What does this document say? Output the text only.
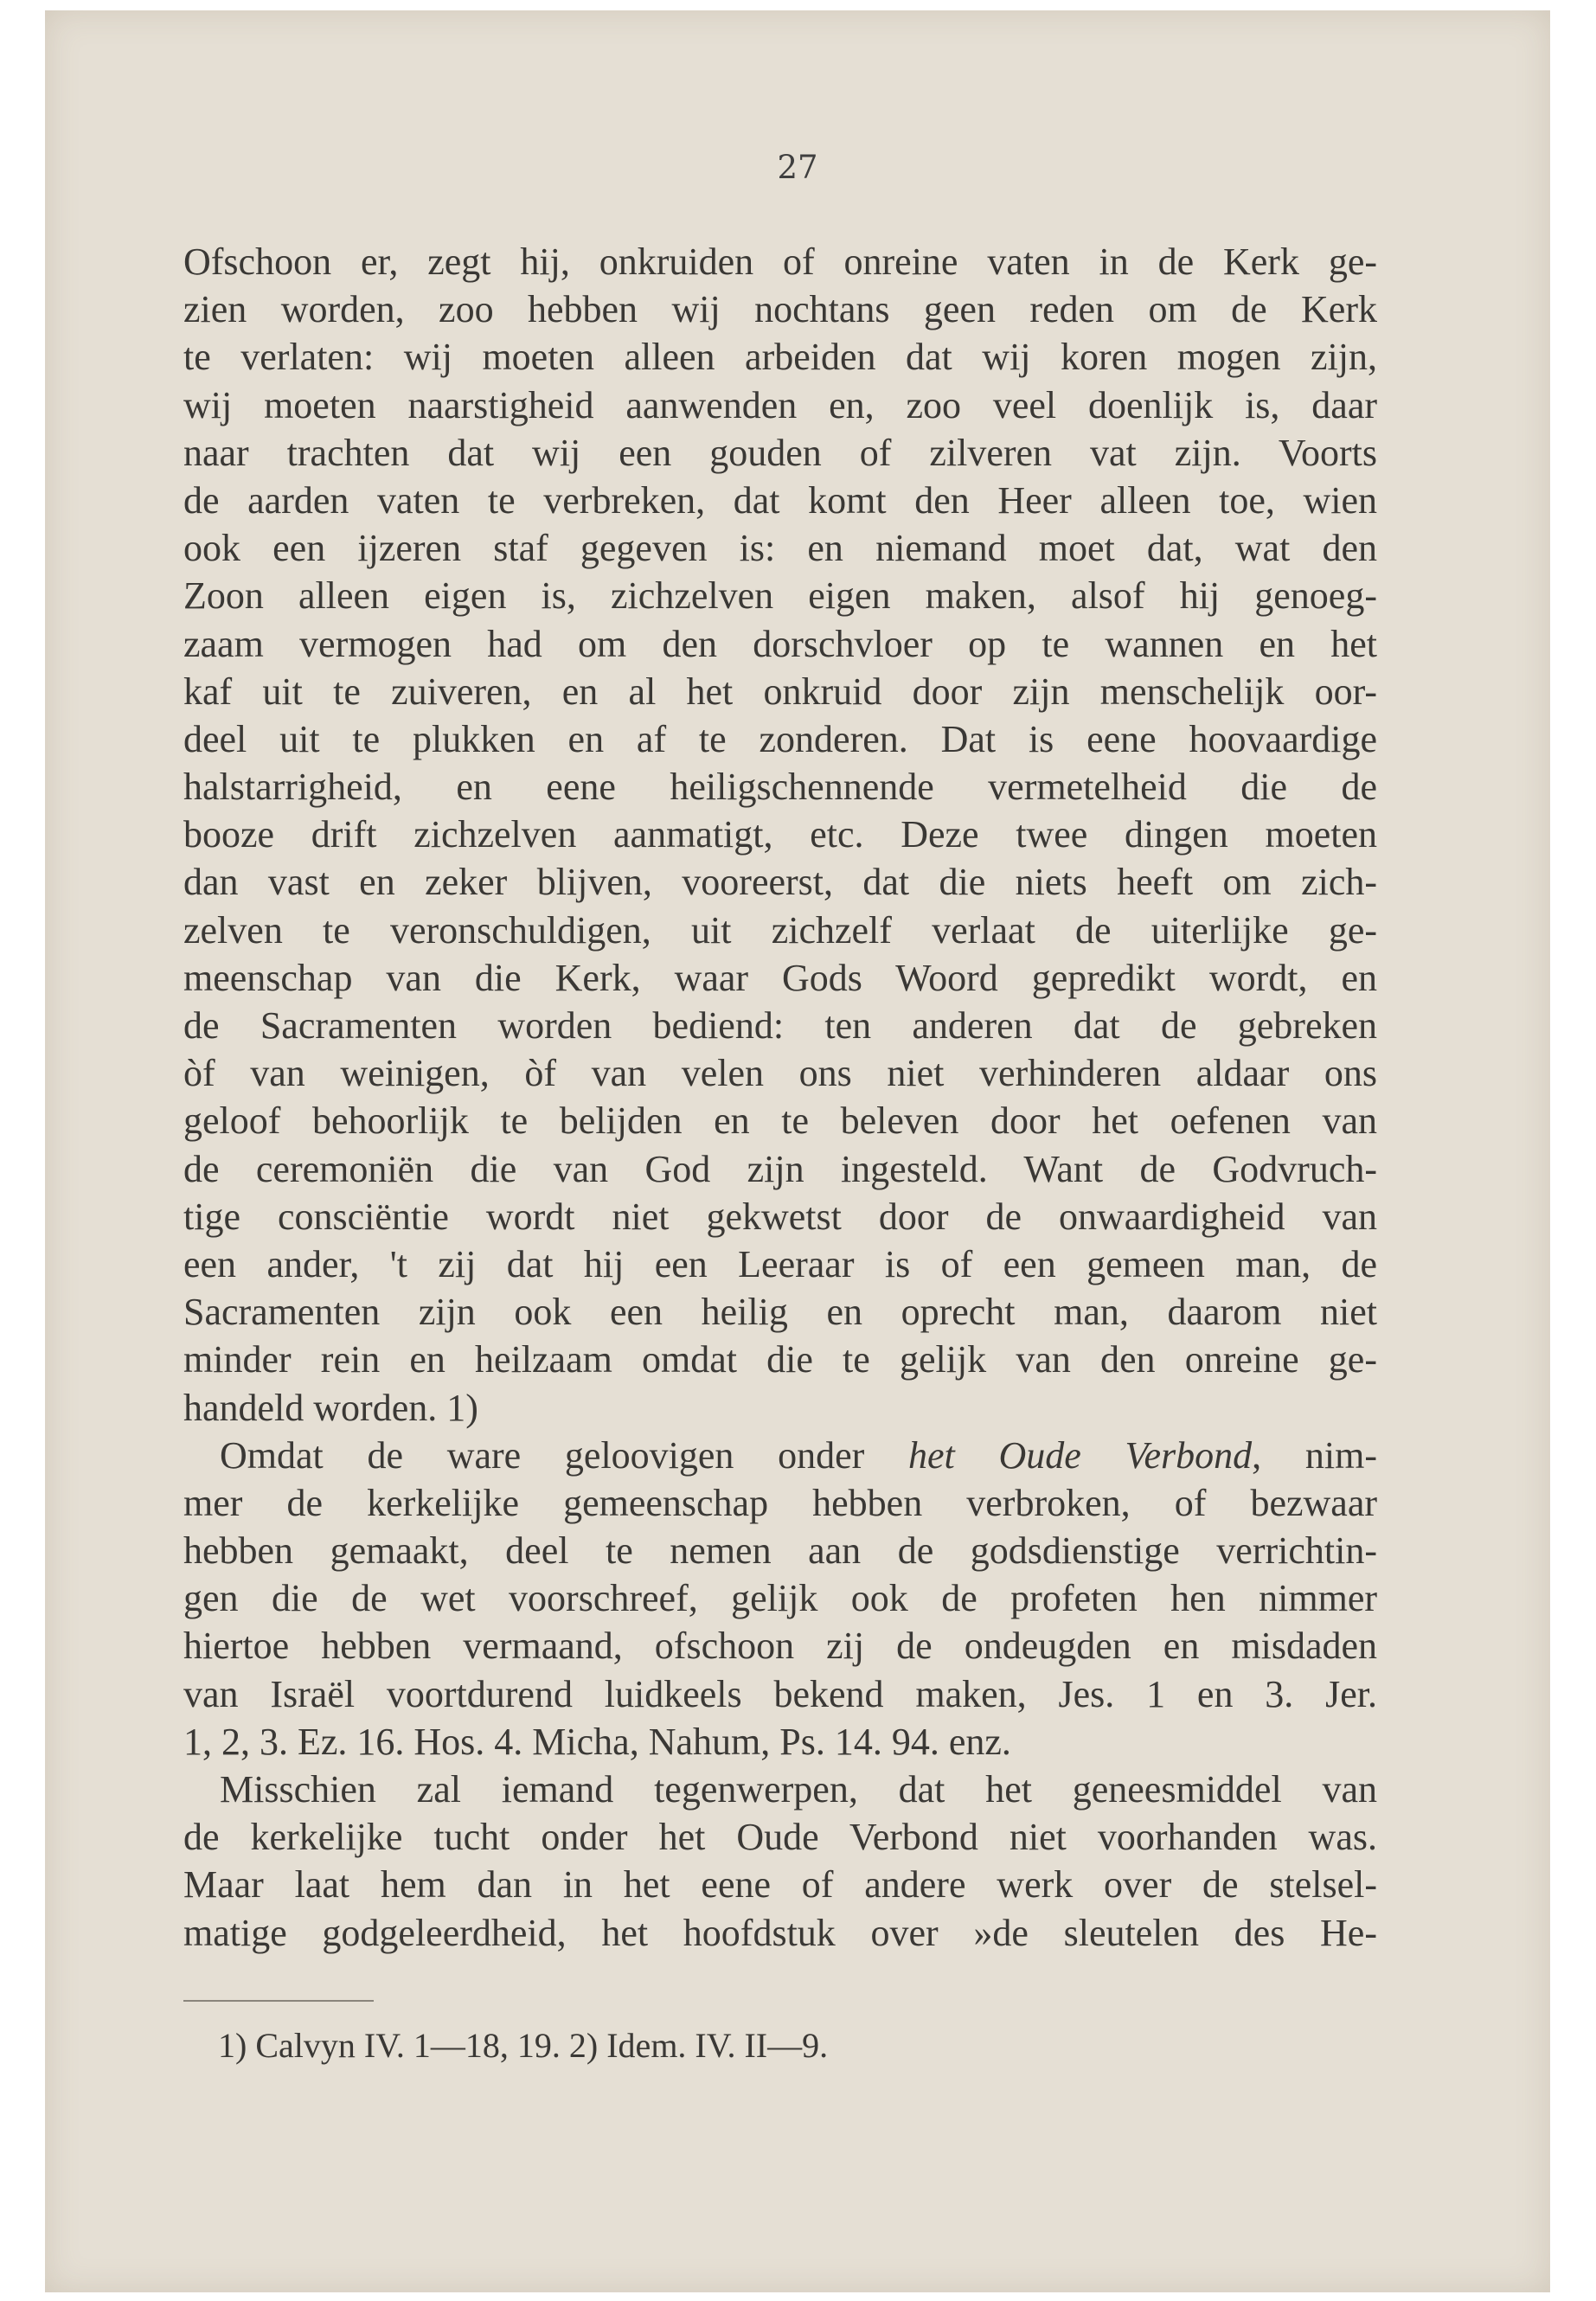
27
Ofschoon er, zegt hij, onkruiden of onreine vaten in de Kerk ge-
zien worden, zoo hebben wij nochtans geen reden om de Kerk
te verlaten: wij moeten alleen arbeiden dat wij koren mogen zijn,
wij moeten naarstigheid aanwenden en, zoo veel doenlijk is, daar
naar trachten dat wij een gouden of zilveren vat zijn. Voorts
de aarden vaten te verbreken, dat komt den Heer alleen toe, wien
ook een ijzeren staf gegeven is: en niemand moet dat, wat den
Zoon alleen eigen is, zichzelven eigen maken, alsof hij genoeg-
zaam vermogen had om den dorschvloer op te wannen en het
kaf uit te zuiveren, en al het onkruid door zijn menschelijk oor-
deel uit te plukken en af te zonderen. Dat is eene hoovaardige
halstarrigheid, en eene heiligschennende vermetelheid die de
booze drift zichzelven aanmatigt, etc. Deze twee dingen moeten
dan vast en zeker blijven, vooreerst, dat die niets heeft om zich-
zelven te veronschuldigen, uit zichzelf verlaat de uiterlijke ge-
meenschap van die Kerk, waar Gods Woord gepredikt wordt, en
de Sacramenten worden bediend: ten anderen dat de gebreken
òf van weinigen, òf van velen ons niet verhinderen aldaar ons
geloof behoorlijk te belijden en te beleven door het oefenen van
de ceremoniën die van God zijn ingesteld. Want de Godvruch-
tige consciëntie wordt niet gekwetst door de onwaardigheid van
een ander, 't zij dat hij een Leeraar is of een gemeen man, de
Sacramenten zijn ook een heilig en oprecht man, daarom niet
minder rein en heilzaam omdat die te gelijk van den onreine ge-
handeld worden. 1)
Omdat de ware geloovigen onder het Oude Verbond, nim-
mer de kerkelijke gemeenschap hebben verbroken, of bezwaar
hebben gemaakt, deel te nemen aan de godsdienstige verrichtin-
gen die de wet voorschreef, gelijk ook de profeten hen nimmer
hiertoe hebben vermaand, ofschoon zij de ondeugden en misdaden
van Israël voortdurend luidkeels bekend maken, Jes. 1 en 3. Jer.
1, 2, 3. Ez. 16. Hos. 4. Micha, Nahum, Ps. 14. 94. enz.
Misschien zal iemand tegenwerpen, dat het geneesmiddel van
de kerkelijke tucht onder het Oude Verbond niet voorhanden was.
Maar laat hem dan in het eene of andere werk over de stelsel-
matige godgeleerdheid, het hoofdstuk over »de sleutelen des He-
1) Calvyn IV. 1—18, 19. 2) Idem. IV. II—9.
